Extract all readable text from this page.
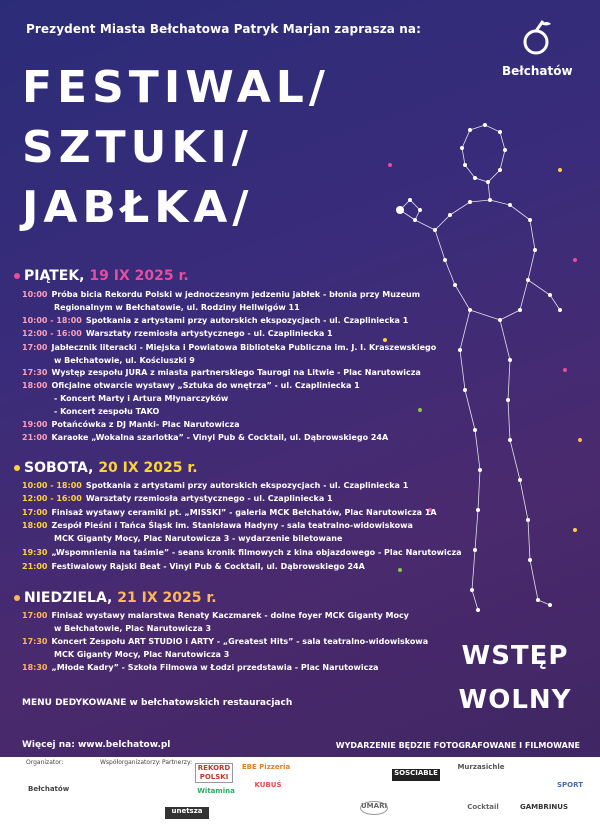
Prezydent Miasta Bełchatowa Patryk Marjan zaprasza na:
Bełchatów
FESTIWAL/
SZTUKI/
JABŁKA/
PIĄTEK, 19 IX 2025 r.
10:00 Próba bicia Rekordu Polski w jednoczesnym jedzeniu jabłek - błonia przy Muzeum
Regionalnym w Bełchatowie, ul. Rodziny Hellwigów 11
10:00 - 18:00 Spotkania z artystami przy autorskich ekspozycjach - ul. Czapliniecka 1
12:00 - 16:00 Warsztaty rzemiosła artystycznego - ul. Czapliniecka 1
17:00 Jabłecznik literacki - Miejska i Powiatowa Biblioteka Publiczna im. J. I. Kraszewskiego
w Bełchatowie, ul. Kościuszki 9
17:30 Występ zespołu JURA z miasta partnerskiego Taurogi na Litwie - Plac Narutowicza
18:00 Oficjalne otwarcie wystawy „Sztuka do wnętrza” - ul. Czapliniecka 1
- Koncert Marty i Artura Młynarczyków
- Koncert zespołu TAKO
19:00 Potańcówka z DJ Manki- Plac Narutowicza
21:00 Karaoke „Wokalna szarlotka” - Vinyl Pub & Cocktail, ul. Dąbrowskiego 24A
SOBOTA, 20 IX 2025 r.
10:00 - 18:00 Spotkania z artystami przy autorskich ekspozycjach - ul. Czapliniecka 1
12:00 - 16:00 Warsztaty rzemiosła artystycznego - ul. Czapliniecka 1
17:00 Finisaż wystawy ceramiki pt. „MISSKI” - galeria MCK Bełchatów, Plac Narutowicza 1A
18:00 Zespół Pieśni i Tańca Śląsk im. Stanisława Hadyny - sala teatralno-widowiskowa
MCK Giganty Mocy, Plac Narutowicza 3 - wydarzenie biletowane
19:30 „Wspomnienia na taśmie” - seans kronik filmowych z kina objazdowego - Plac Narutowicza
21:00 Festiwalowy Rajski Beat - Vinyl Pub & Cocktail, ul. Dąbrowskiego 24A
NIEDZIELA, 21 IX 2025 r.
17:00 Finisaż wystawy malarstwa Renaty Kaczmarek - dolne foyer MCK Giganty Mocy
w Bełchatowie, Plac Narutowicza 3
17:30 Koncert Zespołu ART STUDIO i ARTY - „Greatest Hits” - sala teatralno-widowiskowa
MCK Giganty Mocy, Plac Narutowicza 3
18:30 „Młode Kadry” - Szkoła Filmowa w Łodzi przedstawia - Plac Narutowicza	WSTĘP
WOLNY
MENU DEDYKOWANE w bełchatowskich restauracjach
Więcej na: www.belchatow.pl	WYDARZENIE BĘDZIE FOTOGRAFOWANE I FILMOWANE
Organizator:	Współorganizatorzy: Partnerzy:
Bełchatów
REKORD POLSKI
EBE Pizzeria
Witamina
KUBUŚ
SOSCIABLE
Murzasichle
SPORT
GAMBRINUS
Cocktail
UMARI
unetsza
